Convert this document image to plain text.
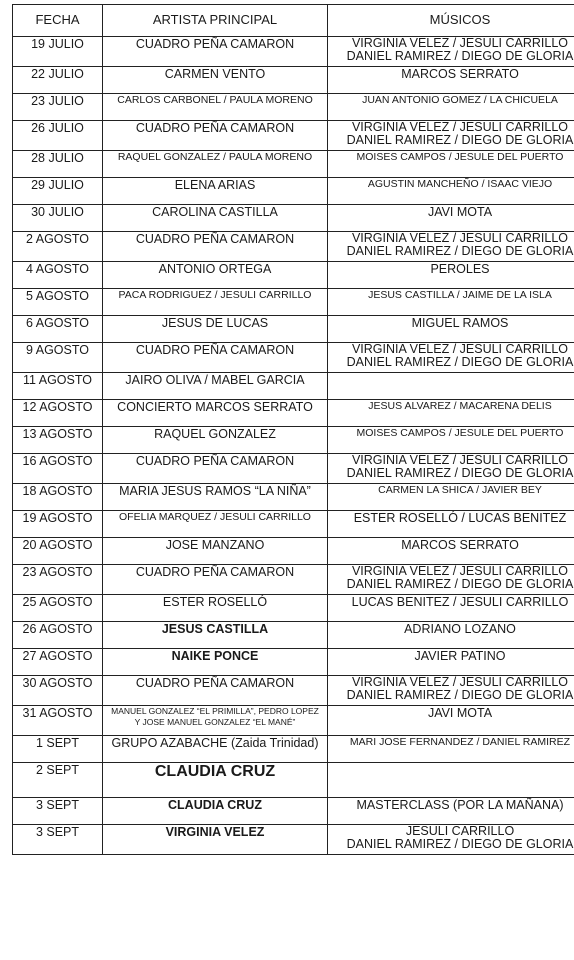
FECHA	ARTISTA PRINCIPAL	MÚSICOS
19 JULIO	CUADRO PEÑA CAMARON	VIRGINIA VELEZ / JESULI CARRILLO
DANIEL RAMIREZ / DIEGO DE GLORIA

22 JULIO	CARMEN VENTO	MARCOS SERRATO
23 JULIO	CARLOS CARBONEL / PAULA MORENO	JUAN ANTONIO GOMEZ / LA CHICUELA
26 JULIO	CUADRO PEÑA CAMARON	VIRGINIA VELEZ / JESULI CARRILLO
DANIEL RAMIREZ / DIEGO DE GLORIA

28 JULIO	RAQUEL GONZALEZ / PAULA MORENO	MOISES CAMPOS / JESULE DEL PUERTO
29 JULIO	ELENA ARIAS	AGUSTIN MANCHEÑO / ISAAC VIEJO
30 JULIO	CAROLINA CASTILLA	JAVI MOTA
2 AGOSTO	CUADRO PEÑA CAMARON	VIRGINIA VELEZ / JESULI CARRILLO
DANIEL RAMIREZ / DIEGO DE GLORIA

4 AGOSTO	ANTONIO ORTEGA	PEROLES
5 AGOSTO	PACA RODRIGUEZ / JESULI CARRILLO	JESUS CASTILLA / JAIME DE LA ISLA
6 AGOSTO	JESUS DE LUCAS	MIGUEL RAMOS
9 AGOSTO	CUADRO PEÑA CAMARON	VIRGINIA VELEZ / JESULI CARRILLO
DANIEL RAMIREZ / DIEGO DE GLORIA

11 AGOSTO	JAIRO OLIVA / MABEL GARCIA	
12 AGOSTO	CONCIERTO MARCOS SERRATO	JESUS ALVAREZ / MACARENA DELIS
13 AGOSTO	RAQUEL GONZALEZ	MOISES CAMPOS / JESULE DEL PUERTO
16 AGOSTO	CUADRO PEÑA CAMARON	VIRGINIA VELEZ / JESULI CARRILLO
DANIEL RAMIREZ / DIEGO DE GLORIA

18 AGOSTO	MARIA JESUS RAMOS “LA NIÑA”	CARMEN LA SHICA / JAVIER BEY
19 AGOSTO	OFELIA MARQUEZ / JESULI CARRILLO	ESTER ROSELLÓ / LUCAS BENITEZ
20 AGOSTO	JOSE MANZANO	MARCOS SERRATO
23 AGOSTO	CUADRO PEÑA CAMARON	VIRGINIA VELEZ / JESULI CARRILLO
DANIEL RAMIREZ / DIEGO DE GLORIA

25 AGOSTO	ESTER ROSELLÓ	LUCAS BENITEZ / JESULI CARRILLO
26 AGOSTO	JESUS CASTILLA	ADRIANO LOZANO
27 AGOSTO	NAIKE PONCE	JAVIER PATINO
30 AGOSTO	CUADRO PEÑA CAMARON	VIRGINIA VELEZ / JESULI CARRILLO
DANIEL RAMIREZ / DIEGO DE GLORIA

31 AGOSTO	MANUEL GONZALEZ “EL PRIMILLA”, PEDRO LOPEZ
Y JOSE MANUEL GONZALEZ “EL MANÉ”	JAVI MOTA
1 SEPT	GRUPO AZABACHE (Zaida Trinidad)	MARI JOSE FERNANDEZ / DANIEL RAMIREZ
2 SEPT	CLAUDIA CRUZ	
3 SEPT	CLAUDIA CRUZ	MASTERCLASS (POR LA MAÑANA)
3 SEPT	VIRGINIA VELEZ	JESULI CARRILLO
DANIEL RAMIREZ / DIEGO DE GLORIA
